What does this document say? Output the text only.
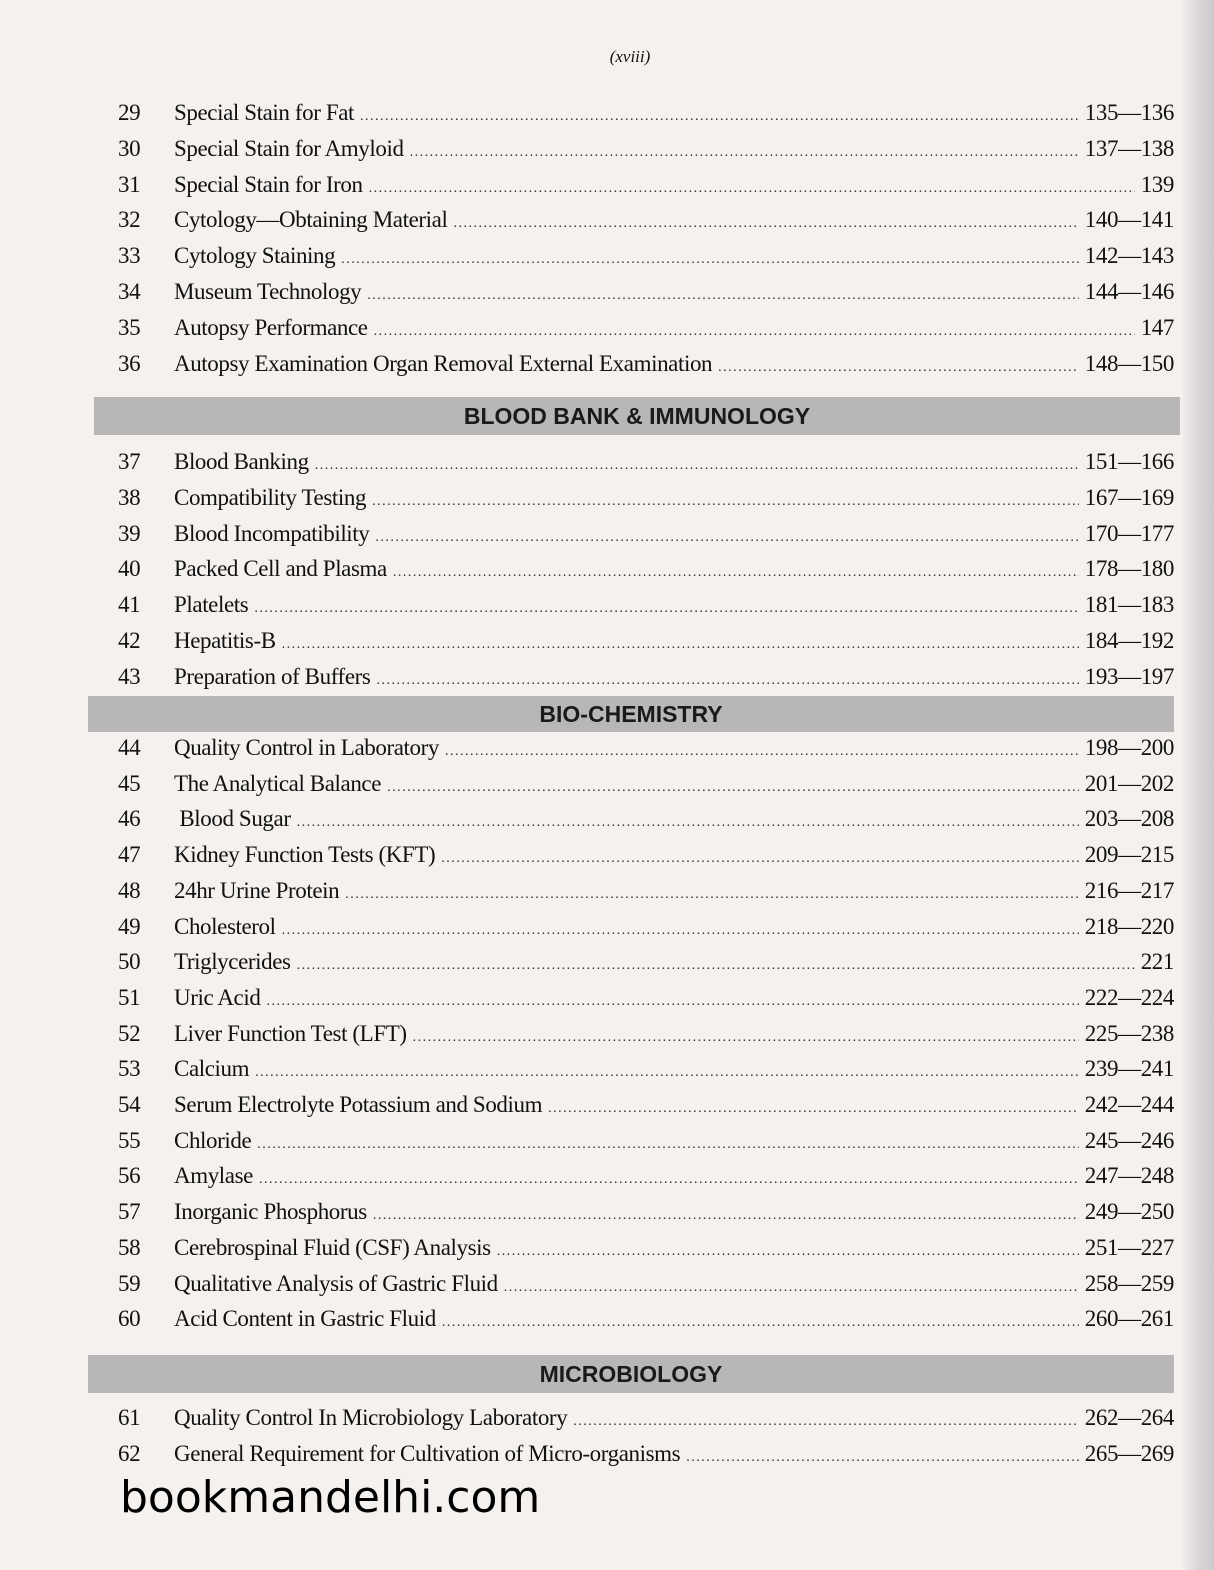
(xviii)
29	Special Stain for Fat .....	135—136
30	Special Stain for Amyloid .....	137—138
31	Special Stain for Iron .....	139
32	Cytology—Obtaining Material .....	140—141
33	Cytology Staining .....	142—143
34	Museum Technology .....	144—146
35	Autopsy Performance .....	147
36	Autopsy Examination Organ Removal External Examination .....	148—150
37	Blood Banking .....	151—166
38	Compatibility Testing .....	167—169
39	Blood Incompatibility .....	170—177
40	Packed Cell and Plasma .....	178—180
41	Platelets .....	181—183
42	Hepatitis-B .....	184—192
43	Preparation of Buffers .....	193—197
44	Quality Control in Laboratory .....	198—200
45	The Analytical Balance .....	201—202
46	Blood Sugar .....	203—208
47	Kidney Function Tests (KFT) .....	209—215
48	24hr Urine Protein .....	216—217
49	Cholesterol .....	218—220
50	Triglycerides .....	221
51	Uric Acid .....	222—224
52	Liver Function Test (LFT) .....	225—238
53	Calcium .....	239—241
54	Serum Electrolyte Potassium and Sodium .....	242—244
55	Chloride .....	245—246
56	Amylase .....	247—248
57	Inorganic Phosphorus .....	249—250
58	Cerebrospinal Fluid (CSF) Analysis .....	251—227
59	Qualitative Analysis of Gastric Fluid .....	258—259
60	Acid Content in Gastric Fluid .....	260—261
61	Quality Control In Microbiology Laboratory .....	262—264
62	General Requirement for Cultivation of Micro-organisms .....	265—269
BLOOD BANK & IMMUNOLOGY
BIO-CHEMISTRY
MICROBIOLOGY
bookmandelhi.com
